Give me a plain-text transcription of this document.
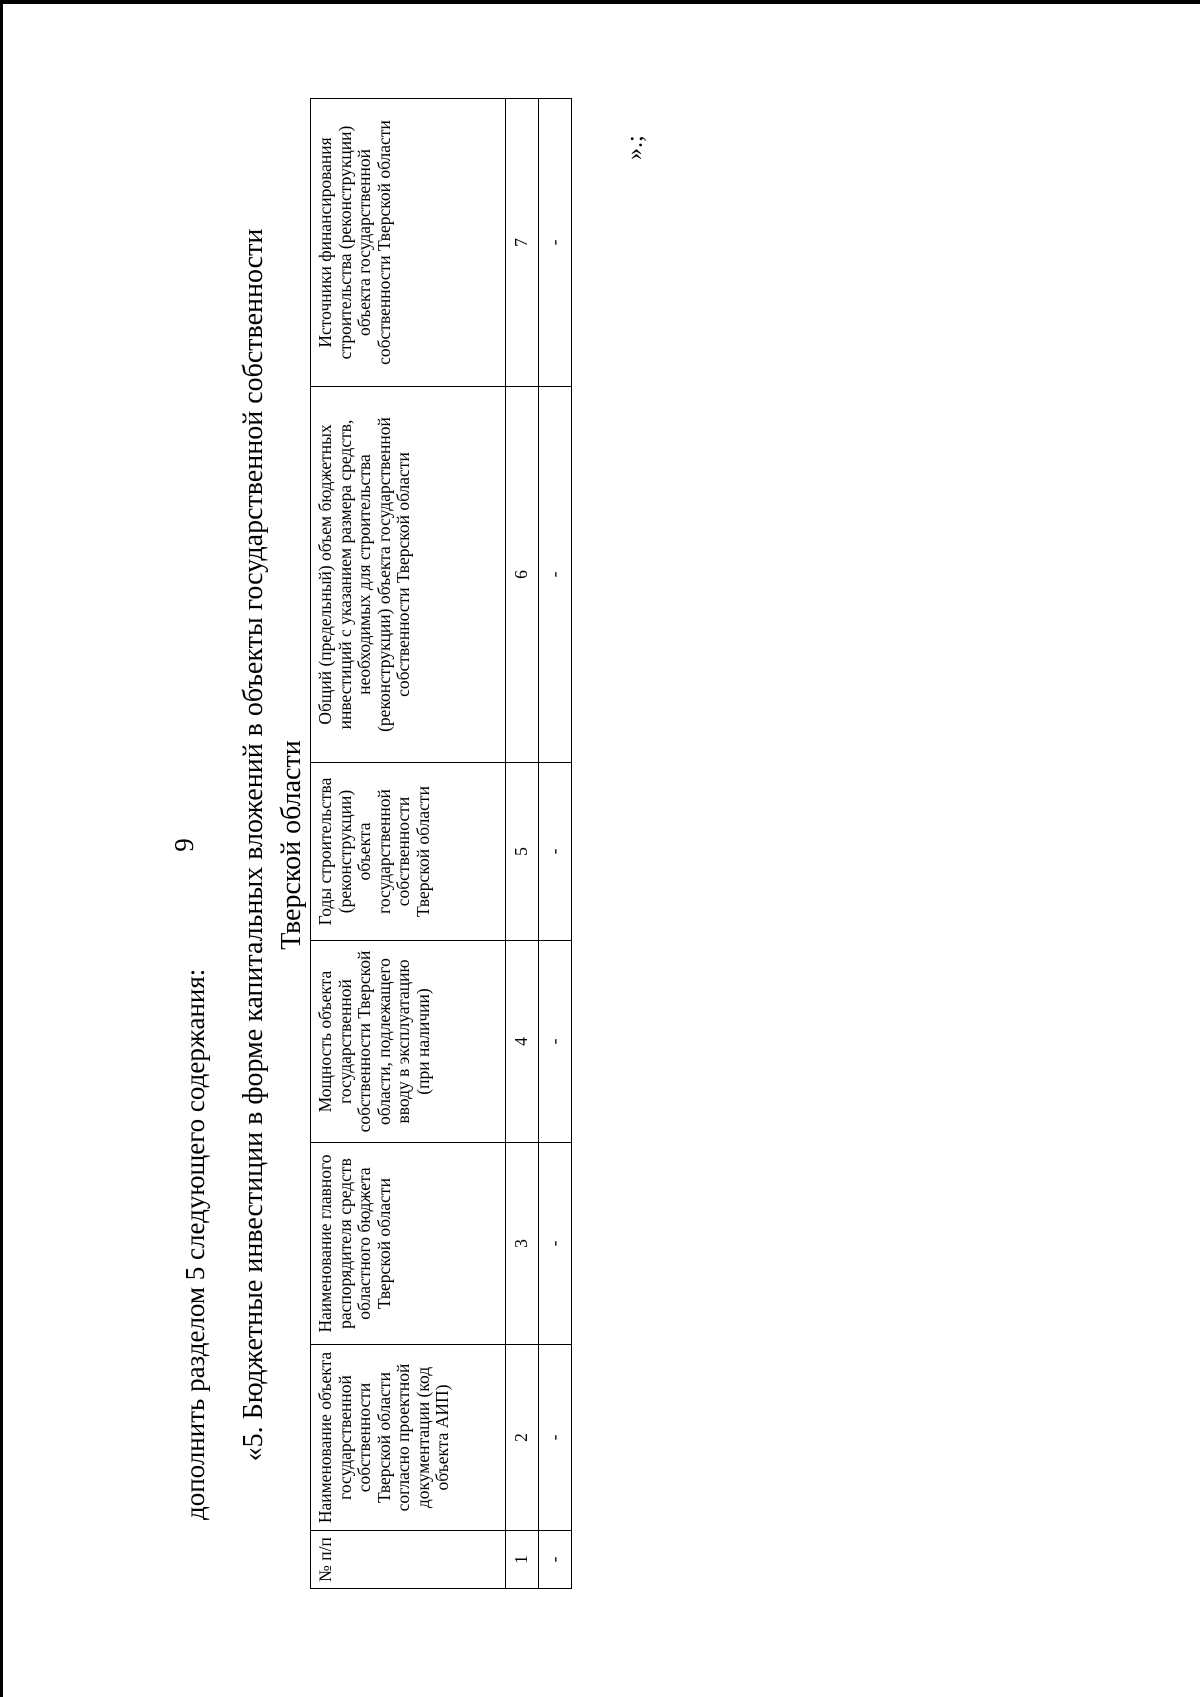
9
дополнить разделом 5 следующего содержания: «5. Бюджетные инвестиции в форме капитальных вложений в объекты государственной собственности Тверской области
№ п/п	Наименование объекта государственной собственности Тверской области согласно проектной документации (код объекта АИП)	Наименование главного распорядителя средств областного бюджета Тверской области	Мощность объекта государственной собственности Тверской области, подлежащего вводу в эксплуатацию (при наличии)	Годы строительства (реконструкции) объекта государственной собственности Тверской области	Общий (предельный) объем бюджетных инвестиций с указанием размера средств, необходимых для строительства (реконструкции) объекта государственной собственности Тверской области	Источники финансирования строительства (реконструкции) объекта государственной собственности Тверской области
1	2	3	4	5	6	7
-	-	-	-	-	-	-
».;
